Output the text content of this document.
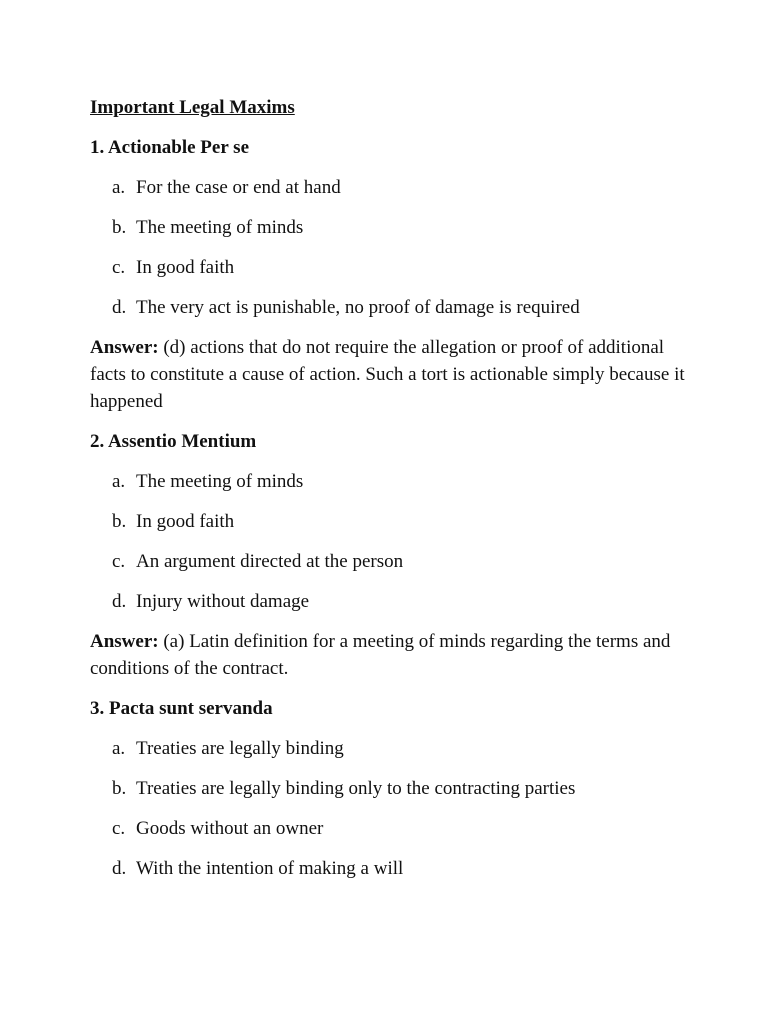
Important Legal Maxims
1. Actionable Per se
a. For the case or end at hand
b. The meeting of minds
c. In good faith
d. The very act is punishable, no proof of damage is required
Answer: (d) actions that do not require the allegation or proof of additional facts to constitute a cause of action. Such a tort is actionable simply because it happened
2. Assentio Mentium
a. The meeting of minds
b. In good faith
c. An argument directed at the person
d. Injury without damage
Answer: (a) Latin definition for a meeting of minds regarding the terms and conditions of the contract.
3. Pacta sunt servanda
a. Treaties are legally binding
b. Treaties are legally binding only to the contracting parties
c. Goods without an owner
d. With the intention of making a will
